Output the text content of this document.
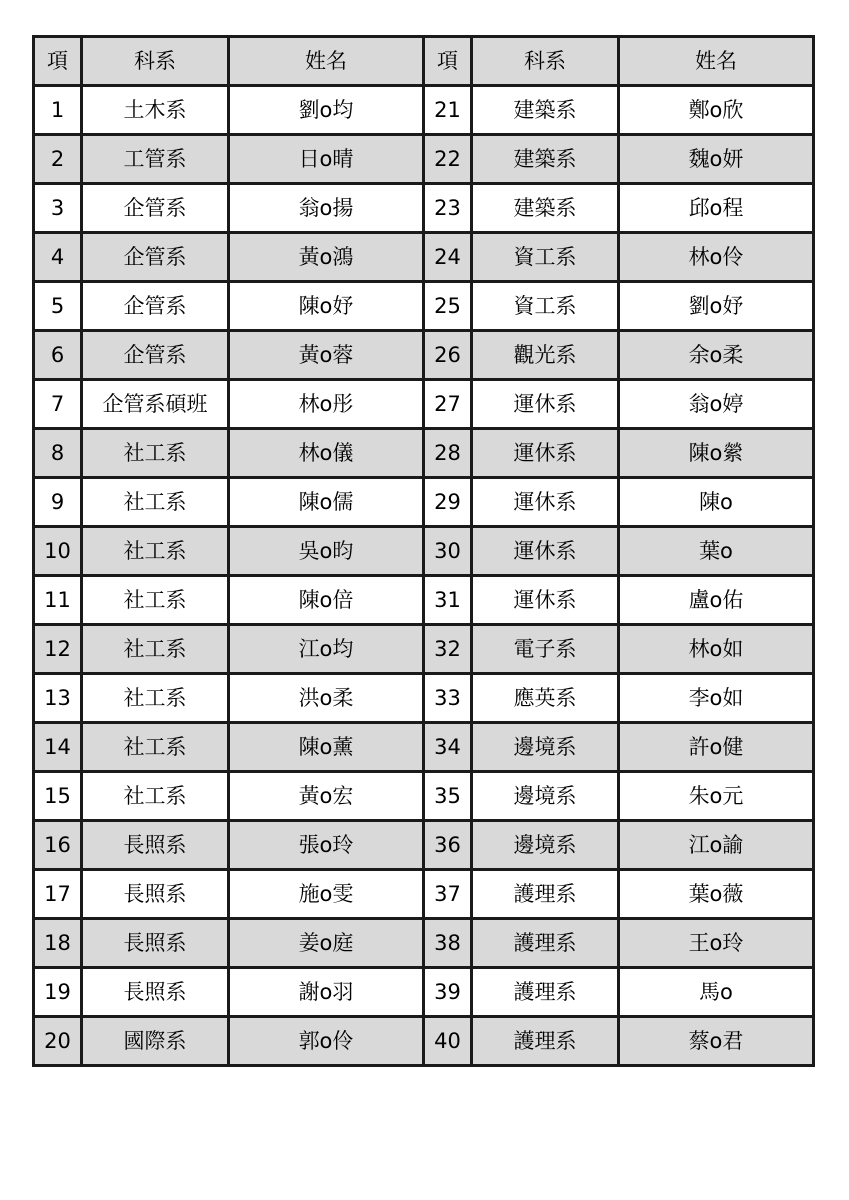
項	科系	姓名	項	科系	姓名
1	土木系	劉o均	21	建築系	鄭o欣
2	工管系	日o晴	22	建築系	魏o妍
3	企管系	翁o揚	23	建築系	邱o程
4	企管系	黃o鴻	24	資工系	林o伶
5	企管系	陳o妤	25	資工系	劉o妤
6	企管系	黃o蓉	26	觀光系	余o柔
7	企管系碩班	林o彤	27	運休系	翁o婷
8	社工系	林o儀	28	運休系	陳o縈
9	社工系	陳o儒	29	運休系	陳o
10	社工系	吳o昀	30	運休系	葉o
11	社工系	陳o倍	31	運休系	盧o佑
12	社工系	江o均	32	電子系	林o如
13	社工系	洪o柔	33	應英系	李o如
14	社工系	陳o薰	34	邊境系	許o健
15	社工系	黃o宏	35	邊境系	朱o元
16	長照系	張o玲	36	邊境系	江o諭
17	長照系	施o雯	37	護理系	葉o薇
18	長照系	姜o庭	38	護理系	王o玲
19	長照系	謝o羽	39	護理系	馬o
20	國際系	郭o伶	40	護理系	蔡o君
